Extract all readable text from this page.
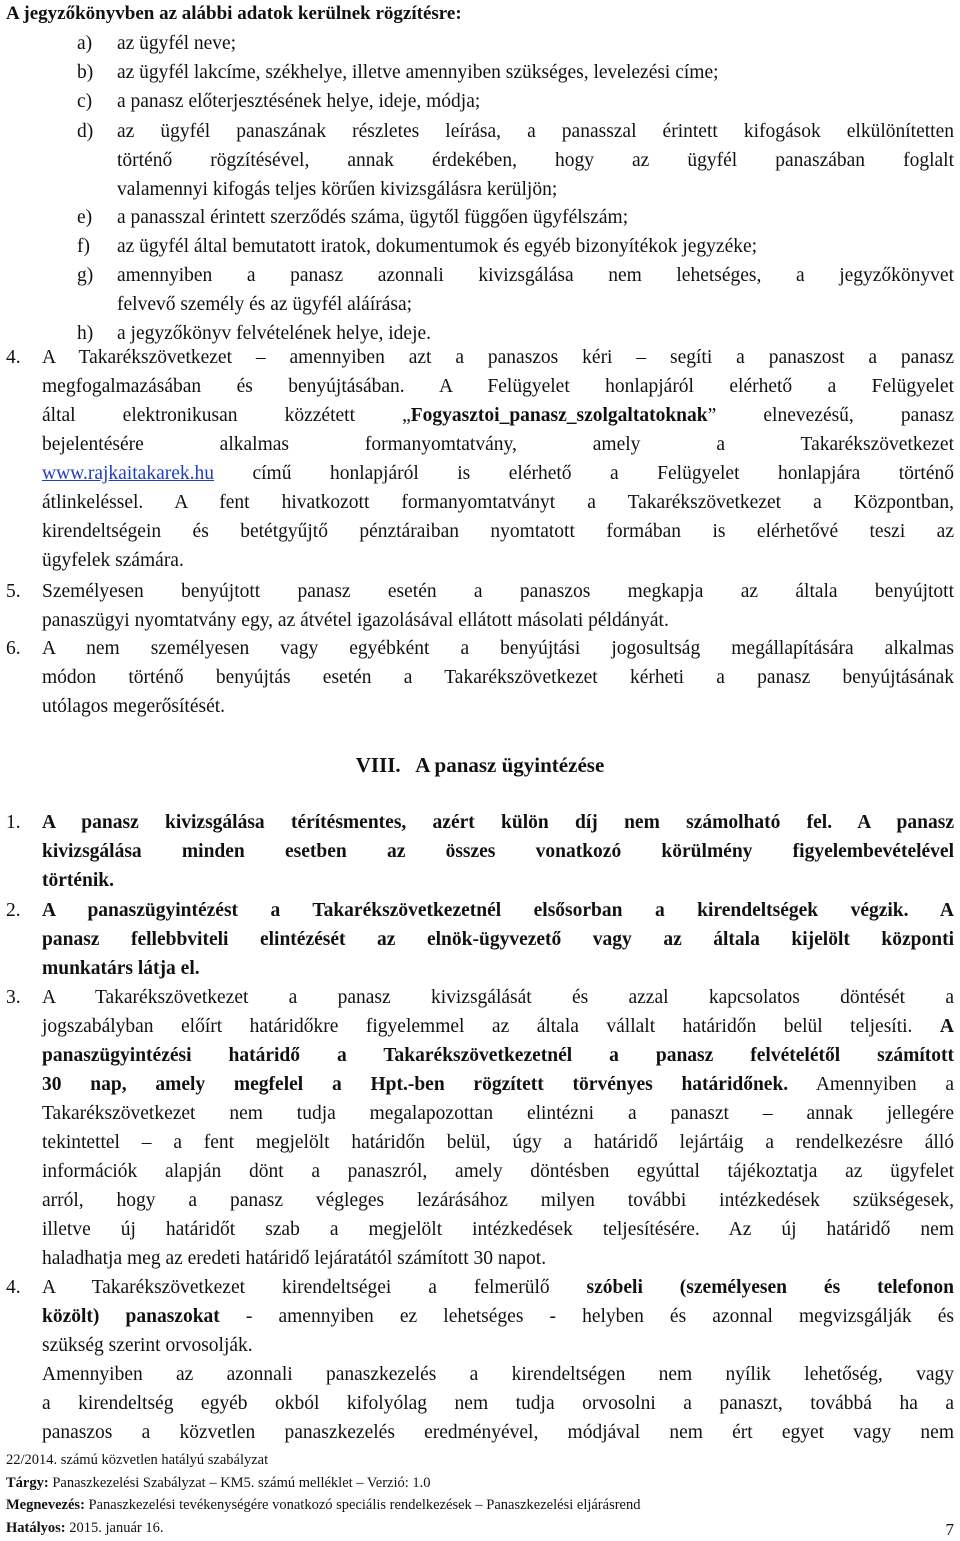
A jegyzőkönyvben az alábbi adatok kerülnek rögzítésre:
a) az ügyfél neve;
b) az ügyfél lakcíme, székhelye, illetve amennyiben szükséges, levelezési címe;
c) a panasz előterjesztésének helye, ideje, módja;
d) az ügyfél panaszának részletes leírása, a panasszal érintett kifogások elkülönítetten
történő rögzítésével, annak érdekében, hogy az ügyfél panaszában foglalt
valamennyi kifogás teljes körűen kivizsgálásra kerüljön;
e) a panasszal érintett szerződés száma, ügytől függően ügyfélszám;
f) az ügyfél által bemutatott iratok, dokumentumok és egyéb bizonyítékok jegyzéke;
g) amennyiben a panasz azonnali kivizsgálása nem lehetséges, a jegyzőkönyvet
felvevő személy és az ügyfél aláírása;
h) a jegyzőkönyv felvételének helye, ideje.
4. A Takarékszövetkezet – amennyiben azt a panaszos kéri – segíti a panaszost a panasz
megfogalmazásában és benyújtásában. A Felügyelet honlapjáról elérhető a Felügyelet
által elektronikusan közzétett „Fogyasztoi_panasz_szolgaltatoknak” elnevezésű, panasz
bejelentésére alkalmas formanyomtatvány, amely a Takarékszövetkezet
www.rajkaitakarek.hu című honlapjáról is elérhető a Felügyelet honlapjára történő
átlinkeléssel. A fent hivatkozott formanyomtatványt a Takarékszövetkezet a Központban,
kirendeltségein és betétgyűjtő pénztáraiban nyomtatott formában is elérhetővé teszi az
ügyfelek számára.
5. Személyesen benyújtott panasz esetén a panaszos megkapja az általa benyújtott
panaszügyi nyomtatvány egy, az átvétel igazolásával ellátott másolati példányát.
6. A nem személyesen vagy egyébként a benyújtási jogosultság megállapítására alkalmas
módon történő benyújtás esetén a Takarékszövetkezet kérheti a panasz benyújtásának
utólagos megerősítését.
VIII.   A panasz ügyintézése
1. A panasz kivizsgálása térítésmentes, azért külön díj nem számolható fel. A panasz
kivizsgálása minden esetben az összes vonatkozó körülmény figyelembevételével
történik.
2. A panaszügyintézést a Takarékszövetkezetnél elsősorban a kirendeltségek végzik. A
panasz fellebbviteli elintézését az elnök-ügyvezető vagy az általa kijelölt központi
munkatárs látja el.
3. A Takarékszövetkezet a panasz kivizsgálását és azzal kapcsolatos döntését a
jogszabályban előírt határidőkre figyelemmel az általa vállalt határidőn belül teljesíti. A
panaszügyintézési határidő a Takarékszövetkezetnél a panasz felvételétől számított
30 nap, amely megfelel a Hpt.-ben rögzített törvényes határidőnek. Amennyiben a
Takarékszövetkezet nem tudja megalapozottan elintézni a panaszt – annak jellegére
tekintettel – a fent megjelölt határidőn belül, úgy a határidő lejártáig a rendelkezésre álló
információk alapján dönt a panaszról, amely döntésben egyúttal tájékoztatja az ügyfelet
arról, hogy a panasz végleges lezárásához milyen további intézkedések szükségesek,
illetve új határidőt szab a megjelölt intézkedések teljesítésére. Az új határidő nem
haladhatja meg az eredeti határidő lejáratától számított 30 napot.
4. A Takarékszövetkezet kirendeltségei a felmerülő szóbeli (személyesen és telefonon
közölt) panaszokat - amennyiben ez lehetséges - helyben és azonnal megvizsgálják és
szükség szerint orvosolják.
Amennyiben az azonnali panaszkezelés a kirendeltségen nem nyílik lehetőség, vagy
a kirendeltség egyéb okból kifolyólag nem tudja orvosolni a panaszt, továbbá ha a
panaszos a közvetlen panaszkezelés eredményével, módjával nem ért egyet vagy nem
22/2014. számú közvetlen hatályú szabályzat
Tárgy: Panaszkezelési Szabályzat – KM5. számú melléklet – Verzió: 1.0
Megnevezés: Panaszkezelési tevékenységére vonatkozó speciális rendelkezések – Panaszkezelési eljárásrend
Hatályos: 2015. január 16.	7
